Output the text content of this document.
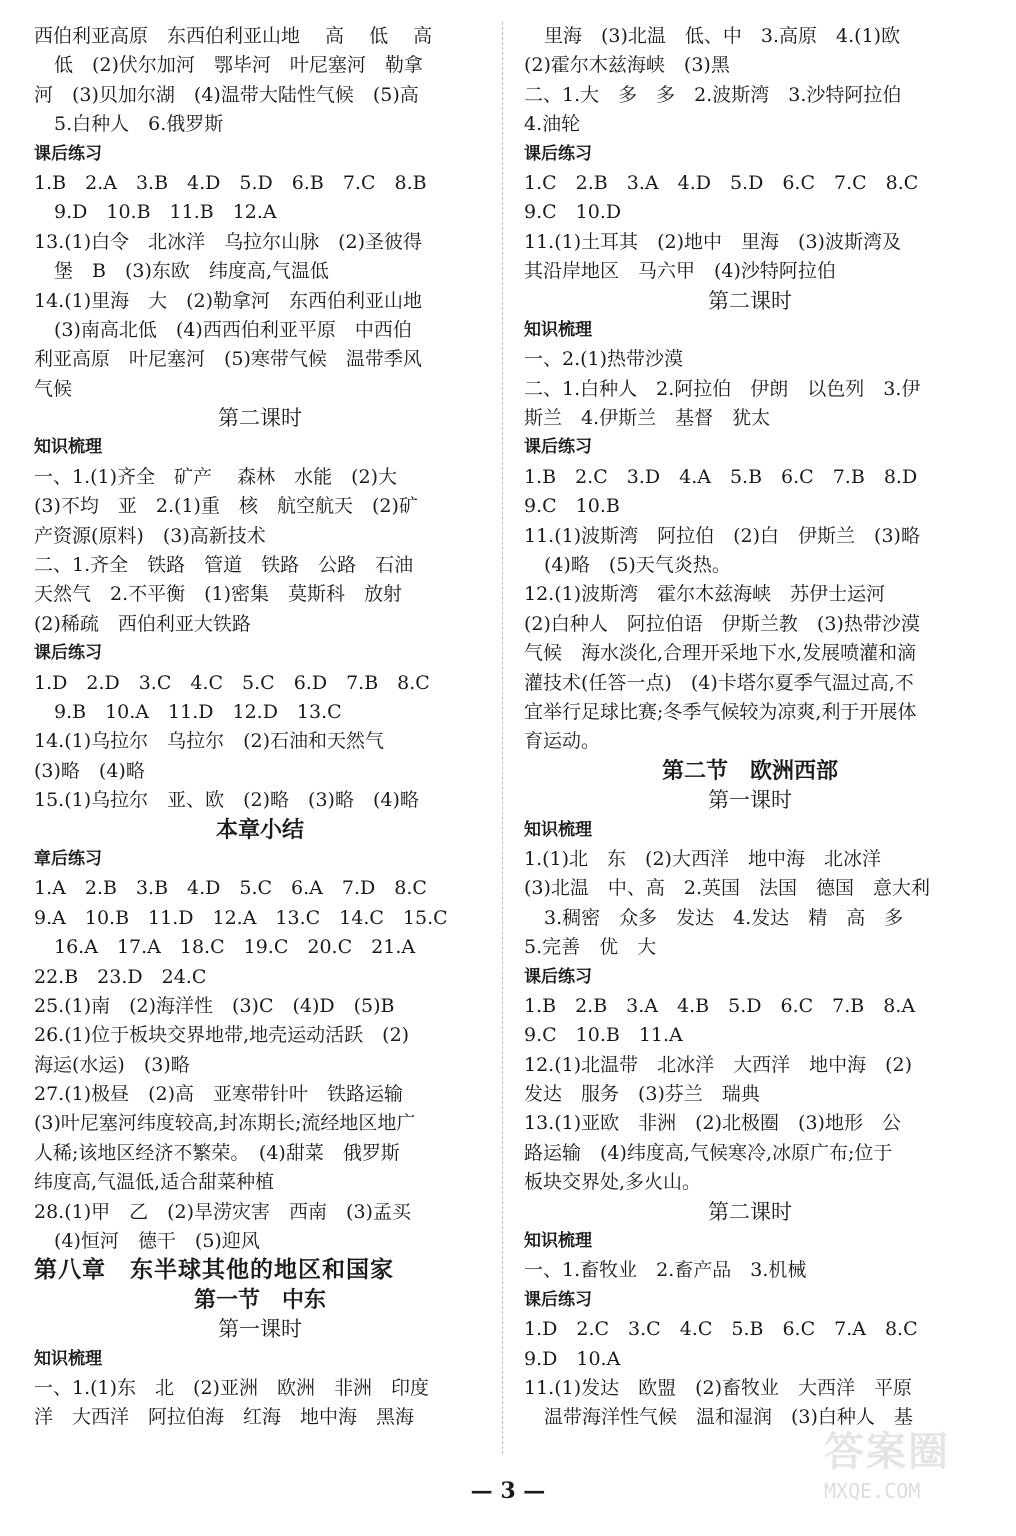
西伯利亚高原　东西伯利亚山地　 高　 低　 高
低　(2)伏尔加河　鄂毕河　叶尼塞河　勒拿
河　(3)贝加尔湖　(4)温带大陆性气候　(5)高
5.白种人　6.俄罗斯
课后练习
1.B　2.A　3.B　4.D　5.D　6.B　7.C　8.B
9.D　10.B　11.B　12.A
13.(1)白令　北冰洋　乌拉尔山脉　(2)圣彼得
堡　B　(3)东欧　纬度高,气温低
14.(1)里海　大　(2)勒拿河　东西伯利亚山地
(3)南高北低　(4)西西伯利亚平原　中西伯
利亚高原　叶尼塞河　(5)寒带气候　温带季风
气候
第二课时
知识梳理
一、1.(1)齐全　矿产　 森林　水能　(2)大
(3)不均　亚　2.(1)重　核　航空航天　(2)矿
产资源(原料)　(3)高新技术
二、1.齐全　铁路　管道　铁路　公路　石油
天然气　2.不平衡　(1)密集　莫斯科　放射
(2)稀疏　西伯利亚大铁路
课后练习
1.D　2.D　3.C　4.C　5.C　6.D　7.B　8.C
9.B　10.A　11.D　12.D　13.C
14.(1)乌拉尔　乌拉尔　(2)石油和天然气
(3)略　(4)略
15.(1)乌拉尔　亚、欧　(2)略　(3)略　(4)略
本章小结
章后练习
1.A　2.B　3.B　4.D　5.C　6.A　7.D　8.C
9.A　10.B　11.D　12.A　13.C　14.C　15.C
16.A　17.A　18.C　19.C　20.C　21.A
22.B　23.D　24.C
25.(1)南　(2)海洋性　(3)C　(4)D　(5)B
26.(1)位于板块交界地带,地壳运动活跃　(2)
海运(水运)　(3)略
27.(1)极昼　(2)高　亚寒带针叶　铁路运输
(3)叶尼塞河纬度较高,封冻期长;流经地区地广
人稀;该地区经济不繁荣。　(4)甜菜　俄罗斯
纬度高,气温低,适合甜菜种植
28.(1)甲　乙　(2)旱涝灾害　西南　(3)孟买
(4)恒河　德干　(5)迎风
第八章　东半球其他的地区和国家
第一节　中东
第一课时
知识梳理
一、1.(1)东　北　(2)亚洲　欧洲　非洲　印度
洋　大西洋　阿拉伯海　红海　地中海　黑海
里海　(3)北温　低、中　3.高原　4.(1)欧
(2)霍尔木兹海峡　(3)黑
二、1.大　多　多　2.波斯湾　3.沙特阿拉伯
4.油轮
课后练习
1.C　2.B　3.A　4.D　5.D　6.C　7.C　8.C
9.C　10.D
11.(1)土耳其　(2)地中　里海　(3)波斯湾及
其沿岸地区　马六甲　(4)沙特阿拉伯
第二课时
知识梳理
一、2.(1)热带沙漠
二、1.白种人　2.阿拉伯　伊朗　以色列　3.伊
斯兰　4.伊斯兰　基督　犹太
课后练习
1.B　2.C　3.D　4.A　5.B　6.C　7.B　8.D
9.C　10.B
11.(1)波斯湾　阿拉伯　(2)白　伊斯兰　(3)略
(4)略　(5)天气炎热。
12.(1)波斯湾　霍尔木兹海峡　苏伊士运河
(2)白种人　阿拉伯语　伊斯兰教　(3)热带沙漠
气候　海水淡化,合理开采地下水,发展喷灌和滴
灌技术(任答一点)　(4)卡塔尔夏季气温过高,不
宜举行足球比赛;冬季气候较为凉爽,利于开展体
育运动。
第二节　欧洲西部
第一课时
知识梳理
1.(1)北　东　(2)大西洋　地中海　北冰洋
(3)北温　中、高　2.英国　法国　德国　意大利
3.稠密　众多　发达　4.发达　精　高　多
5.完善　优　大
课后练习
1.B　2.B　3.A　4.B　5.D　6.C　7.B　8.A
9.C　10.B　11.A
12.(1)北温带　北冰洋　大西洋　地中海　(2)
发达　服务　(3)芬兰　瑞典
13.(1)亚欧　非洲　(2)北极圈　(3)地形　公
路运输　(4)纬度高,气候寒冷,冰原广布;位于
板块交界处,多火山。
第二课时
知识梳理
一、1.畜牧业　2.畜产品　3.机械
课后练习
1.D　2.C　3.C　4.C　5.B　6.C　7.A　8.C
9.D　10.A
11.(1)发达　欧盟　(2)畜牧业　大西洋　平原
温带海洋性气候　温和湿润　(3)白种人　基
— 3 —
答案圈
MXQE.COM
